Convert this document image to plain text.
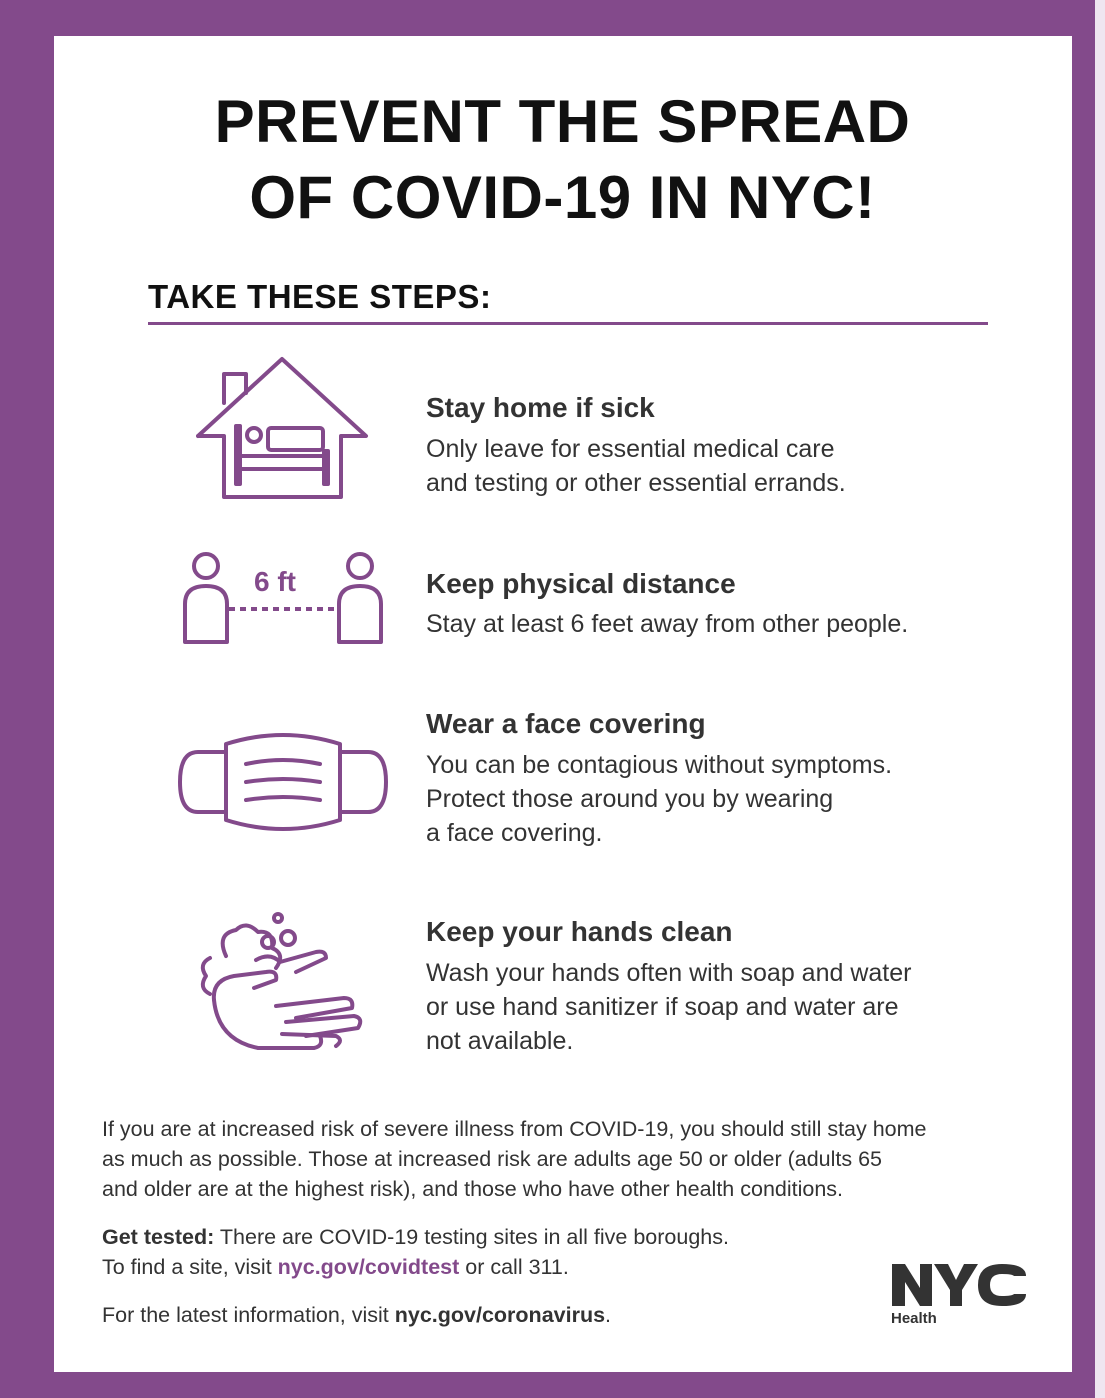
PREVENT THE SPREAD
OF COVID-19 IN NYC!
TAKE THESE STEPS:
Stay home if sick
Only leave for essential medical care
and testing or other essential errands.
6 ft	Keep physical distance
Stay at least 6 feet away from other people.
Wear a face covering
You can be contagious without symptoms.
Protect those around you by wearing
a face covering.
Keep your hands clean
Wash your hands often with soap and water
or use hand sanitizer if soap and water are
not available.
If you are at increased risk of severe illness from COVID-19, you should still stay home
as much as possible. Those at increased risk are adults age 50 or older (adults 65
and older are at the highest risk), and those who have other health conditions.
Get tested: There are COVID-19 testing sites in all five boroughs.
To find a site, visit nyc.gov/covidtest or call 311.
For the latest information, visit nyc.gov/coronavirus.	Health
